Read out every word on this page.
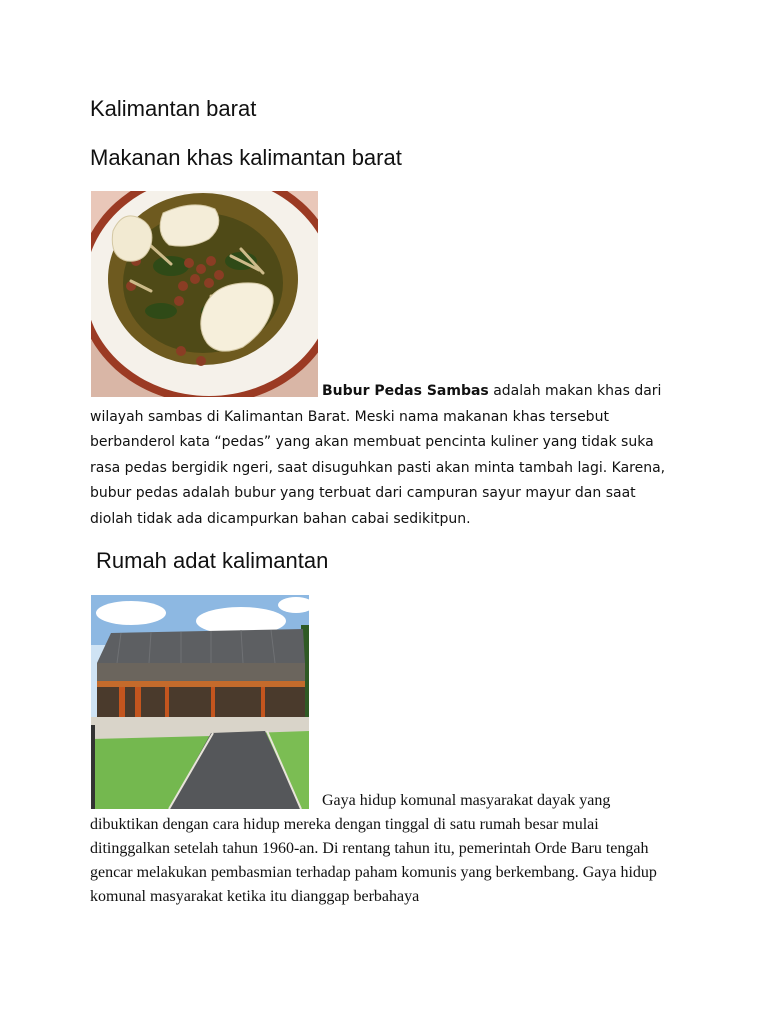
Kalimantan barat
Makanan khas kalimantan barat
Bubur Pedas Sambas adalah makan khas dari wilayah sambas di Kalimantan Barat. Meski nama makanan khas tersebut berbanderol kata “pedas” yang akan membuat pencinta kuliner yang tidak suka rasa pedas bergidik ngeri, saat disuguhkan pasti akan minta tambah lagi. Karena, bubur pedas adalah bubur yang terbuat dari campuran sayur mayur dan saat diolah tidak ada dicampurkan bahan cabai sedikitpun.
Rumah adat kalimantan
Gaya hidup komunal masyarakat dayak yang dibuktikan dengan cara hidup mereka dengan tinggal di satu rumah besar mulai ditinggalkan setelah tahun 1960-an. Di rentang tahun itu, pemerintah Orde Baru tengah gencar melakukan pembasmian terhadap paham komunis yang berkembang. Gaya hidup komunal masyarakat ketika itu dianggap berbahaya
